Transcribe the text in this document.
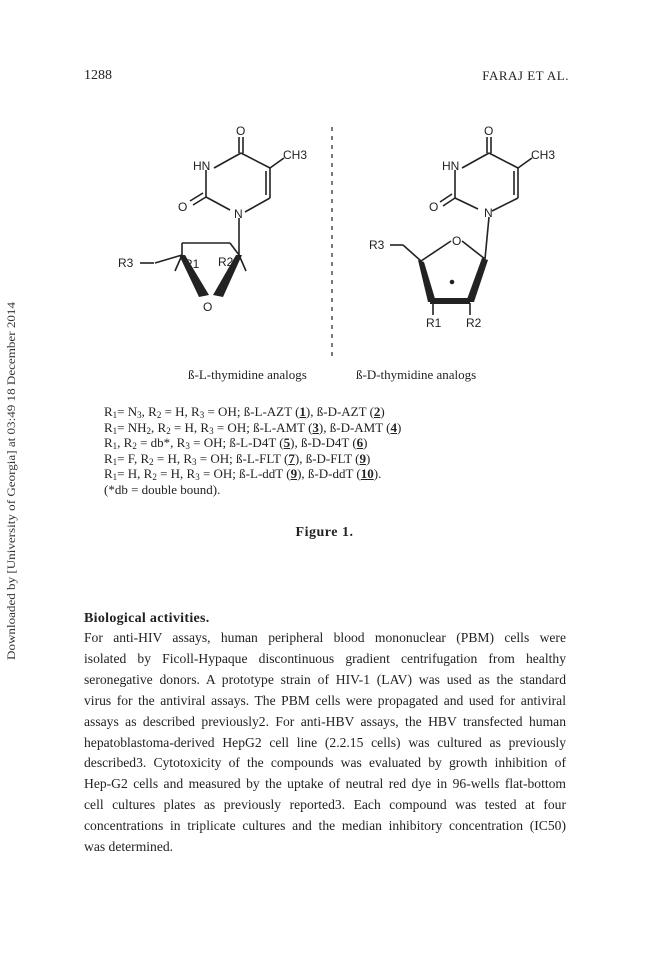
1288	FARAJ ET AL.
Downloaded by [University of Georgia] at 03:49 18 December 2014
O
HN
CH3
O	N
R3	R1 R2
O
O
HN
CH3
O	N
O
R3
R1 R2
ß-L-thymidine analogs	ß-D-thymidine analogs
$R_1= N_3$, $R_2 = H$, $R_3$ = OH; ß-L-AZT (1), ß-D-AZT (2)
$R_1= NH_2$, $R_2 = H$, $R_3$ = OH; ß-L-AMT (3), ß-D-AMT (4)
$R_1$, $R_2 = db*$, $R_3$ = OH; ß-L-D4T (5), ß-D-D4T (6)
$R_1= F$, $R_2 = H$, $R_3$ = OH; ß-L-FLT (7), ß-D-FLT (9)
$R_1= H$, $R_2 = H$, $R_3$ = OH; ß-L-ddT (9), ß-D-ddT (10).
(*db = double bound).
Figure 1.
Biological activities.
For anti-HIV assays, human peripheral blood mononuclear (PBM) cells were
isolated by Ficoll-Hypaque discontinuous gradient centrifugation from healthy
seronegative donors. A prototype strain of HIV-1 (LAV) was used as the standard
virus for the antiviral assays. The PBM cells were propagated and used for antiviral
assays as described previously2. For anti-HBV assays, the HBV transfected human
hepatoblastoma-derived HepG2 cell line (2.2.15 cells) was cultured as previously
described3. Cytotoxicity of the compounds was evaluated by growth inhibition of
Hep-G2 cells and measured by the uptake of neutral red dye in 96-wells flat-bottom
cell cultures plates as previously reported3. Each compound was tested at four
concentrations in triplicate cultures and the median inhibitory concentration (IC50)
was determined.
